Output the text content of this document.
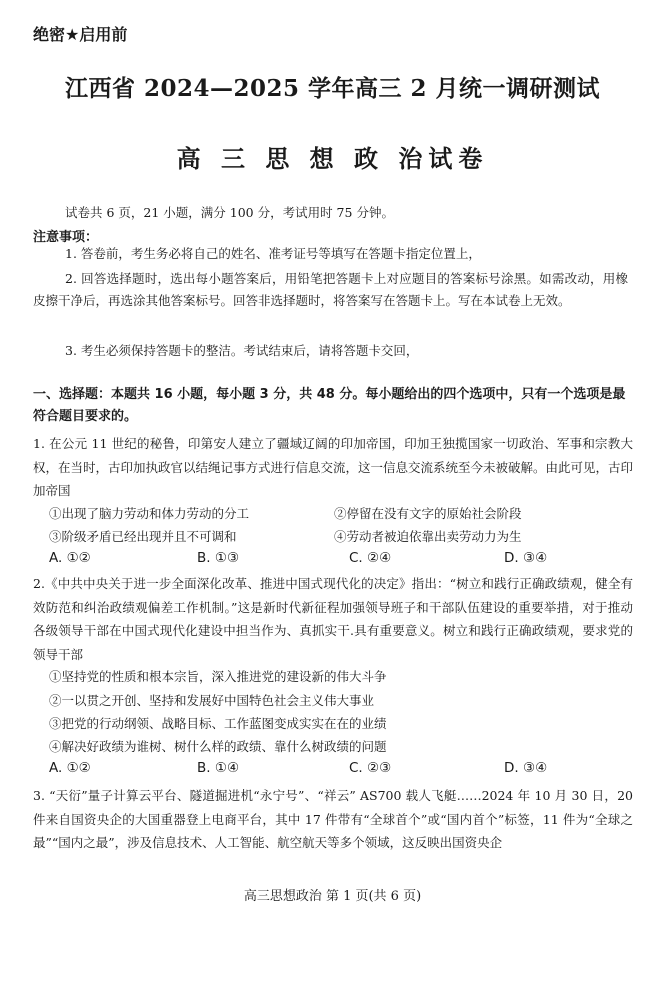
绝密★启用前
江西省 2024—2025 学年高三 2 月统一调研测试
高 三 思 想 政 治试卷
试卷共 6 页，21 小题，满分 100 分，考试用时 75 分钟。
注意事项：
1. 答卷前，考生务必将自己的姓名、准考证号等填写在答题卡指定位置上，
2. 回答选择题时，选出每小题答案后，用铅笔把答题卡上对应题目的答案标号涂黑。如需改动，用橡皮擦干净后，再选涂其他答案标号。回答非选择题时，将答案写在答题卡上。写在本试卷上无效。
3. 考生必须保持答题卡的整洁。考试结束后，请将答题卡交回，
一、选择题：本题共 16 小题，每小题 3 分，共 48 分。每小题给出的四个选项中，只有一个选项是最符合题目要求的。
1. 在公元 11 世纪的秘鲁，印第安人建立了疆域辽阔的印加帝国，印加王独揽国家一切政治、军事和宗教大权，在当时，古印加执政官以结绳记事方式进行信息交流，这一信息交流系统至今未被破解。由此可见，古印加帝国
①出现了脑力劳动和体力劳动的分工	②停留在没有文字的原始社会阶段
③阶级矛盾已经出现并且不可调和	④劳动者被迫依靠出卖劳动力为生
A. ①②	B. ①③	C. ②④	D. ③④
2.《中共中央关于进一步全面深化改革、推进中国式现代化的决定》指出：“树立和践行正确政绩观，健全有效防范和纠治政绩观偏差工作机制。”这是新时代新征程加强领导班子和干部队伍建设的重要举措，对于推动各级领导干部在中国式现代化建设中担当作为、真抓实干.具有重要意义。树立和践行正确政绩观，要求党的领导干部
①坚持党的性质和根本宗旨，深入推进党的建设新的伟大斗争
②一以贯之开创、坚持和发展好中国特色社会主义伟大事业
③把党的行动纲领、战略目标、工作蓝图变成实实在在的业绩
④解决好政绩为谁树、树什么样的政绩、靠什么树政绩的问题
A. ①②	B. ①④	C. ②③	D. ③④
3. “天衍”量子计算云平台、隧道掘进机“永宁号”、“祥云” AS700 载人飞艇……2024 年 10 月 30 日，20 件来自国资央企的大国重器登上电商平台，其中 17 件带有“全球首个”或“国内首个”标签，11 件为“全球之最”“国内之最”，涉及信息技术、人工智能、航空航天等多个领域，这反映出国资央企
高三思想政治 第 1 页(共 6 页)
